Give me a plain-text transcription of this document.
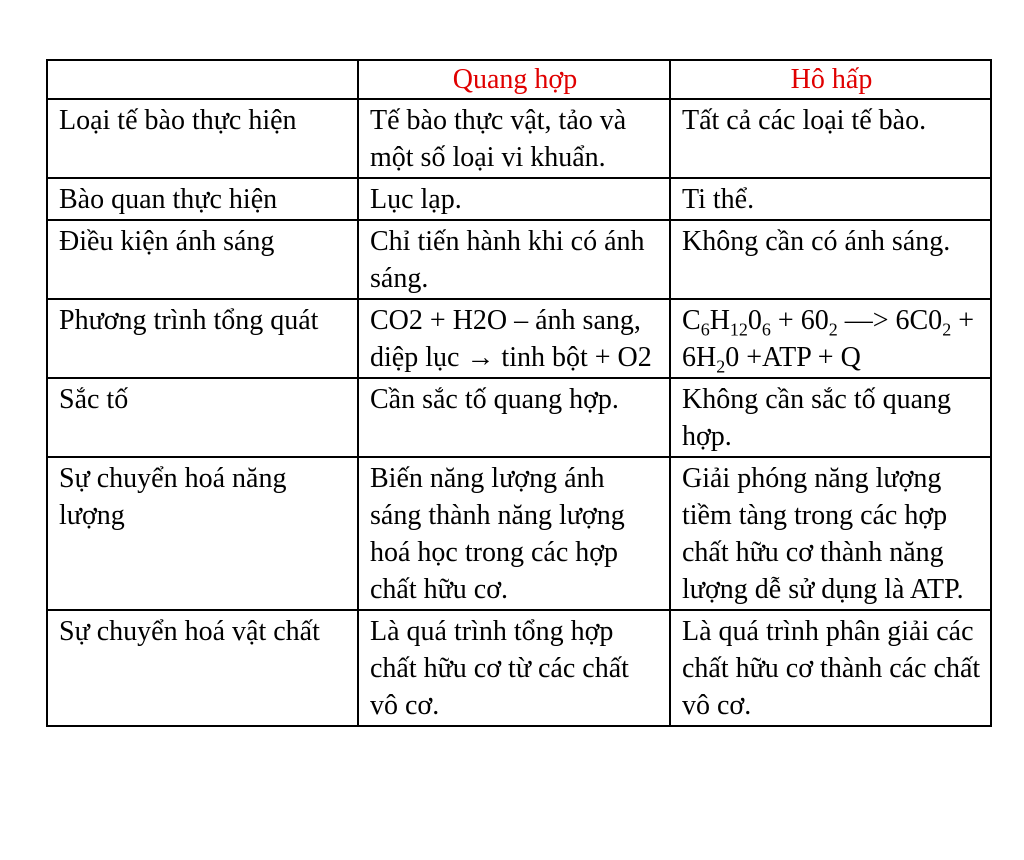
	Quang hợp	Hô hấp
Loại tế bào thực hiện	Tế bào thực vật, tảo và một số loại vi khuẩn.	Tất cả các loại tế bào.
Bào quan thực hiện	Lục lạp.	Ti thể.
Điều kiện ánh sáng	Chỉ tiến hành khi có ánh sáng.	Không cần có ánh sáng.
Phương trình tổng quát	CO2 + H2O – ánh sang, diệp lục → tinh bột + O2	$C_6H_{12}0_6 + 60_2$ —> $6C0_2 + 6H_20 +ATP + Q$
Sắc tố	Cần sắc tố quang hợp.	Không cần sắc tố quang hợp.
Sự chuyển hoá năng lượng	Biến năng lượng ánh sáng thành năng lượng hoá học trong các hợp chất hữu cơ.	Giải phóng năng lượng tiềm tàng trong các hợp chất hữu cơ thành năng lượng dễ sử dụng là ATP.
Sự chuyển hoá vật chất	Là quá trình tổng hợp chất hữu cơ từ các chất vô cơ.	Là quá trình phân giải các chất hữu cơ thành các chất vô cơ.
